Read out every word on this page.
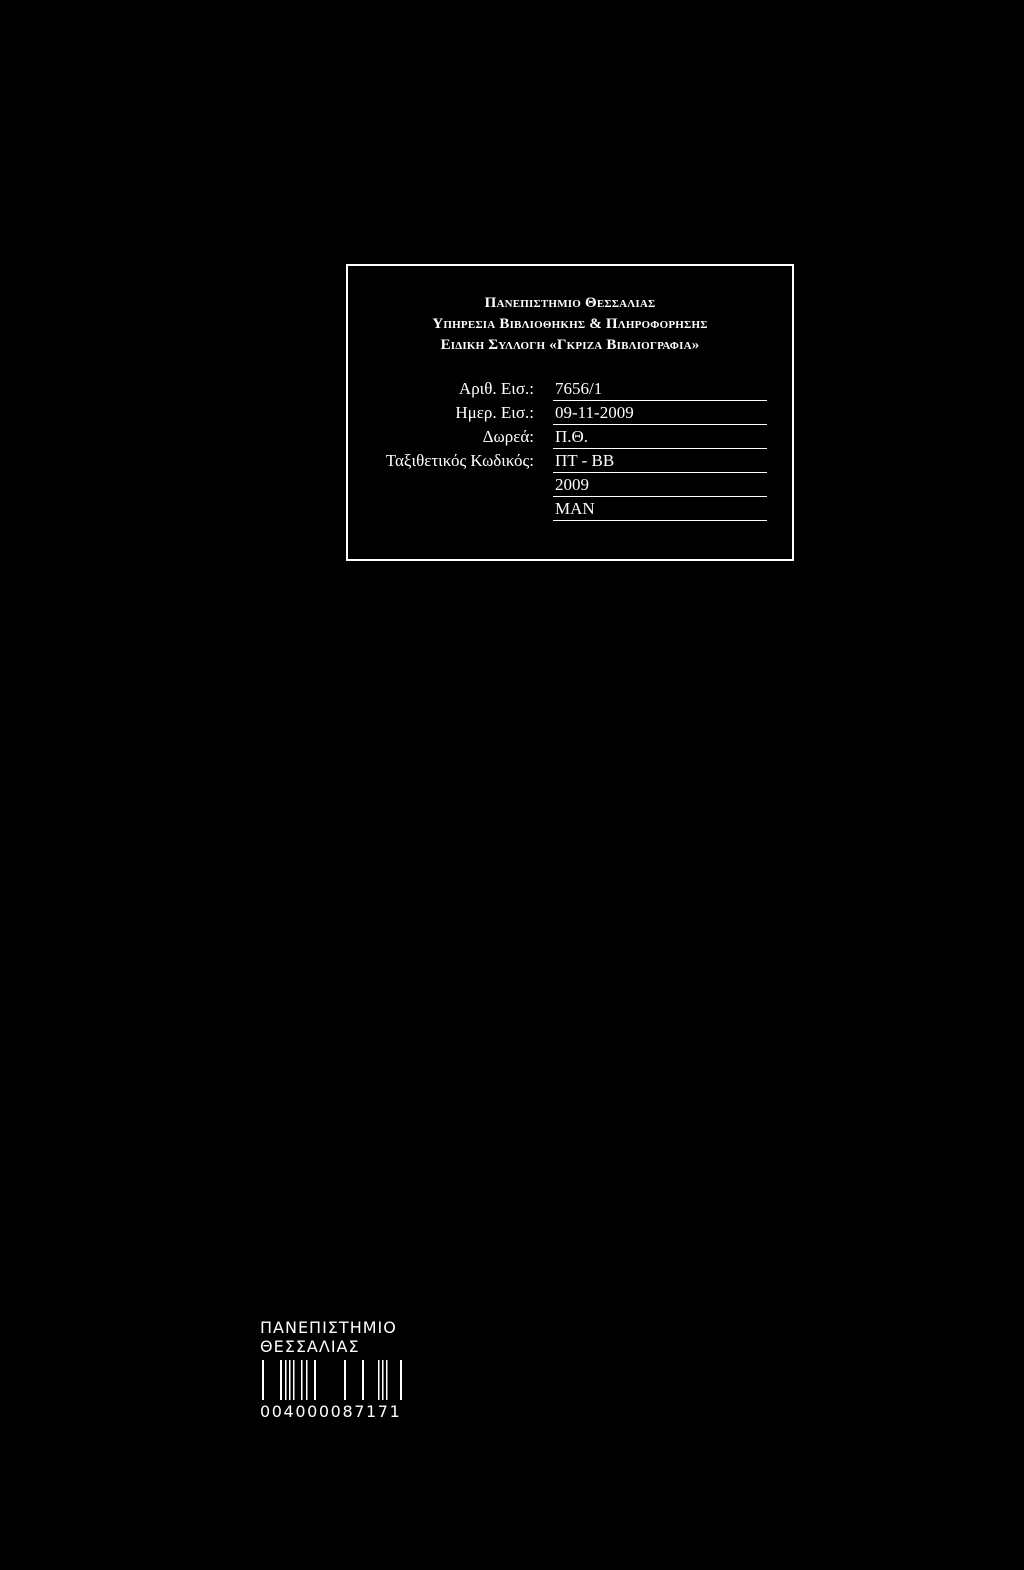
Πανεπιστημιο Θεσσαλιας
Υπηρεσια Βιβλιοθηκης & Πληροφορησης
Ειδικη Συλλογη «Γκριζα Βιβλιογραφια»
Αριθ. Εισ.: 7656/1
Ημερ. Εισ.: 09-11-2009
Δωρεά: Π.Θ.
Ταξιθετικός Κωδικός: ΠΤ - ΒΒ
2009
ΜΑΝ
ΠΑΝΕΠΙΣΤΗΜΙΟ
ΘΕΣΣΑΛΙΑΣ
004000087171
